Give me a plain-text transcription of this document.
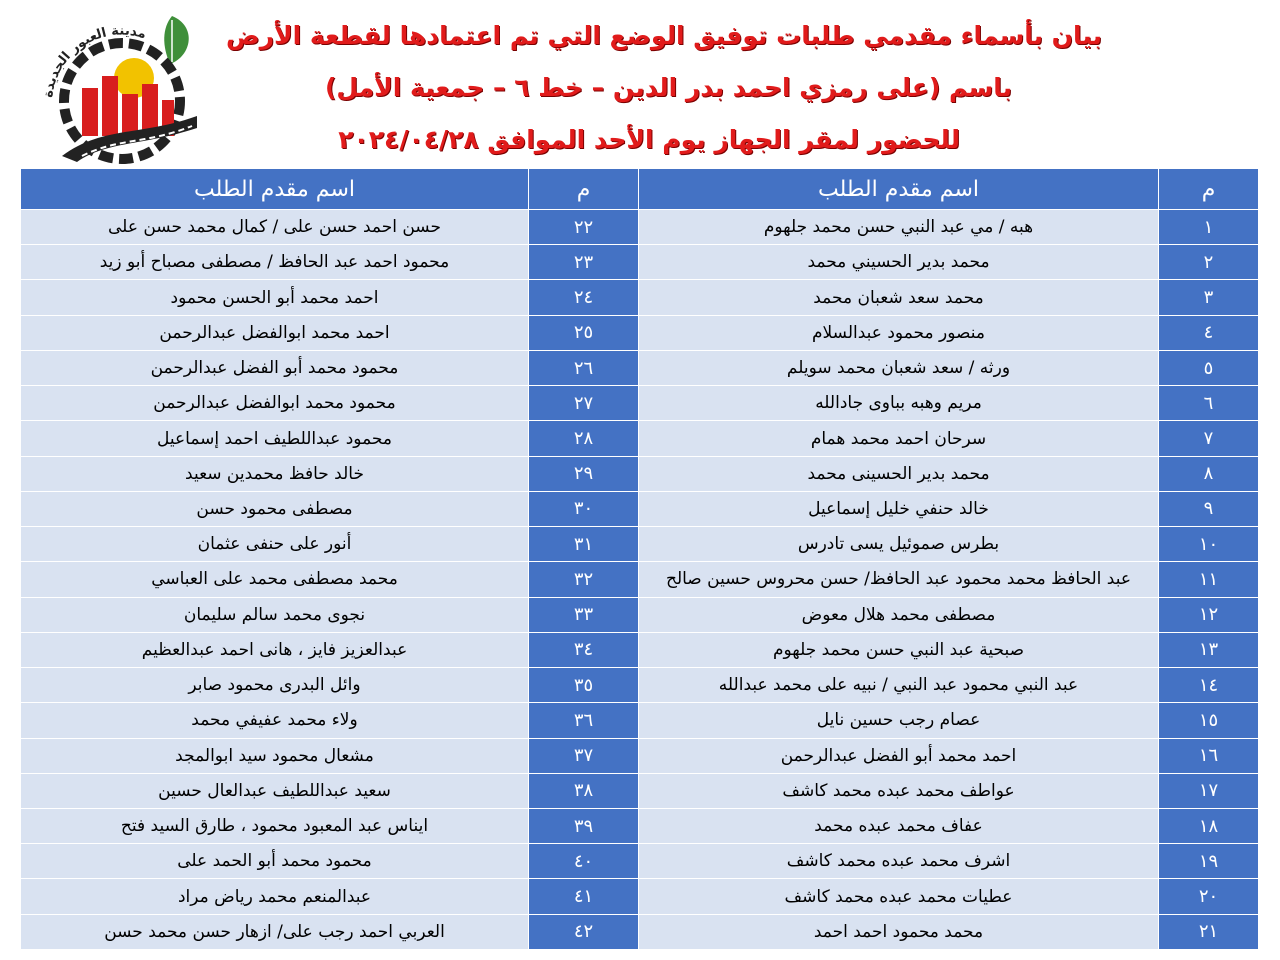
مدينة العبور الجديدة	بيان بأسماء مقدمي طلبات توفيق الوضع التي تم اعتمادها لقطعة الأرض
باسم (على رمزي احمد بدر الدين – خط ٦ – جمعية الأمل)
للحضور لمقر الجهاز يوم الأحد الموافق ٢٠٢٤/٠٤/٢٨
م	اسم مقدم الطلب	م	اسم مقدم الطلب
١	هبه / مي عبد النبي حسن محمد جلهوم	٢٢	حسن احمد حسن على / كمال محمد حسن على
٢	محمد بدير الحسيني محمد	٢٣	محمود احمد عبد الحافظ / مصطفى مصباح أبو زيد
٣	محمد سعد شعبان محمد	٢٤	احمد محمد أبو الحسن محمود
٤	منصور محمود عبدالسلام	٢٥	احمد محمد ابوالفضل عبدالرحمن
٥	ورثه / سعد شعبان محمد سويلم	٢٦	محمود محمد أبو الفضل عبدالرحمن
٦	مريم وهبه بباوى جادالله	٢٧	محمود محمد ابوالفضل عبدالرحمن
٧	سرحان احمد محمد همام	٢٨	محمود عبداللطيف احمد إسماعيل
٨	محمد بدير الحسينى محمد	٢٩	خالد حافظ محمدين سعيد
٩	خالد حنفي خليل إسماعيل	٣٠	مصطفى محمود حسن
١٠	بطرس صموئيل يسى تادرس	٣١	أنور على حنفى عثمان
١١	عبد الحافظ محمد محمود عبد الحافظ/ حسن محروس حسين صالح	٣٢	محمد مصطفى محمد على العباسي
١٢	مصطفى محمد هلال معوض	٣٣	نجوى محمد سالم سليمان
١٣	صبحية عبد النبي حسن محمد جلهوم	٣٤	عبدالعزيز فايز ، هانى احمد عبدالعظيم
١٤	عبد النبي محمود عبد النبي / نبيه على محمد عبدالله	٣٥	وائل البدرى محمود صابر
١٥	عصام رجب حسين نايل	٣٦	ولاء محمد عفيفي محمد
١٦	احمد محمد أبو الفضل عبدالرحمن	٣٧	مشعال محمود سيد ابوالمجد
١٧	عواطف محمد عبده محمد كاشف	٣٨	سعيد عبداللطيف عبدالعال حسين
١٨	عفاف محمد عبده محمد	٣٩	ايناس عبد المعبود محمود ، طارق السيد فتح
١٩	اشرف محمد عبده محمد كاشف	٤٠	محمود محمد أبو الحمد على
٢٠	عطيات محمد عبده محمد كاشف	٤١	عبدالمنعم محمد رياض مراد
٢١	محمد محمود احمد احمد	٤٢	العربي احمد رجب على/ ازهار حسن محمد حسن
